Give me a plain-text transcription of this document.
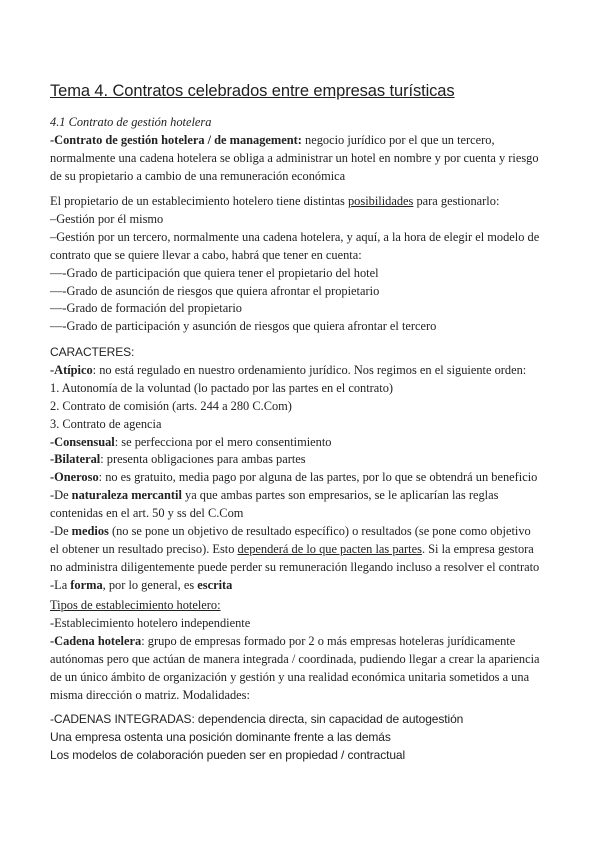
Tema 4. Contratos celebrados entre empresas turísticas
4.1 Contrato de gestión hotelera
-Contrato de gestión hotelera / de management: negocio jurídico por el que un tercero,
normalmente una cadena hotelera se obliga a administrar un hotel en nombre y por cuenta y riesgo
de su propietario a cambio de una remuneración económica
El propietario de un establecimiento hotelero tiene distintas posibilidades para gestionarlo:
–Gestión por él mismo
–Gestión por un tercero, normalmente una cadena hotelera, y aquí, a la hora de elegir el modelo de
contrato que se quiere llevar a cabo, habrá que tener en cuenta:
—-Grado de participación que quiera tener el propietario del hotel
—-Grado de asunción de riesgos que quiera afrontar el propietario
—-Grado de formación del propietario
—-Grado de participación y asunción de riesgos que quiera afrontar el tercero
CARACTERES:
-Atípico: no está regulado en nuestro ordenamiento jurídico. Nos regimos en el siguiente orden:
1. Autonomía de la voluntad (lo pactado por las partes en el contrato)
2. Contrato de comisión (arts. 244 a 280 C.Com)
3. Contrato de agencia
-Consensual: se perfecciona por el mero consentimiento
-Bilateral: presenta obligaciones para ambas partes
-Oneroso: no es gratuito, media pago por alguna de las partes, por lo que se obtendrá un beneficio
-De naturaleza mercantil ya que ambas partes son empresarios, se le aplicarían las reglas
contenidas en el art. 50 y ss del C.Com
-De medios (no se pone un objetivo de resultado específico) o resultados (se pone como objetivo
el obtener un resultado preciso). Esto dependerá de lo que pacten las partes. Si la empresa gestora
no administra diligentemente puede perder su remuneración llegando incluso a resolver el contrato
-La forma, por lo general, es escrita
Tipos de establecimiento hotelero:
-Establecimiento hotelero independiente
-Cadena hotelera: grupo de empresas formado por 2 o más empresas hoteleras jurídicamente
autónomas pero que actúan de manera integrada / coordinada, pudiendo llegar a crear la apariencia
de un único ámbito de organización y gestión y una realidad económica unitaria sometidos a una
misma dirección o matriz. Modalidades:
-CADENAS INTEGRADAS: dependencia directa, sin capacidad de autogestión
Una empresa ostenta una posición dominante frente a las demás
Los modelos de colaboración pueden ser en propiedad / contractual
